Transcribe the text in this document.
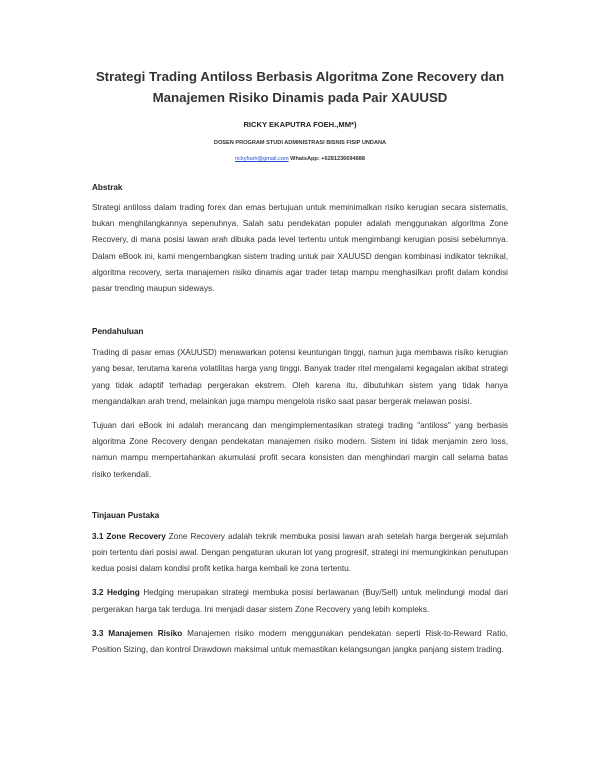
Strategi Trading Antiloss Berbasis Algoritma Zone Recovery dan
Manajemen Risiko Dinamis pada Pair XAUUSD
RICKY EKAPUTRA FOEH.,MM*)
DOSEN PROGRAM STUDI ADMINISTRASI BISNIS FISIP UNDANA
rickyfoeh@gmail.com WhatsApp: +6281236694888
Abstrak

Strategi antiloss dalam trading forex dan emas bertujuan untuk meminimalkan risiko kerugian secara sistematis, bukan menghilangkannya sepenuhnya. Salah satu pendekatan populer adalah menggunakan algoritma Zone Recovery, di mana posisi lawan arah dibuka pada level tertentu untuk mengimbangi kerugian posisi sebelumnya. Dalam eBook ini, kami mengembangkan sistem trading untuk pair XAUUSD dengan kombinasi indikator teknikal, algoritma recovery, serta manajemen risiko dinamis agar trader tetap mampu menghasilkan profit dalam kondisi pasar trending maupun sideways.

Pendahuluan

Trading di pasar emas (XAUUSD) menawarkan potensi keuntungan tinggi, namun juga membawa risiko kerugian yang besar, terutama karena volatilitas harga yang tinggi. Banyak trader ritel mengalami kegagalan akibat strategi yang tidak adaptif terhadap pergerakan ekstrem. Oleh karena itu, dibutuhkan sistem yang tidak hanya mengandalkan arah trend, melainkan juga mampu mengelola risiko saat pasar bergerak melawan posisi.

Tujuan dari eBook ini adalah merancang dan mengimplementasikan strategi trading "antiloss" yang berbasis algoritma Zone Recovery dengan pendekatan manajemen risiko modern. Sistem ini tidak menjamin zero loss, namun mampu mempertahankan akumulasi profit secara konsisten dan menghindari margin call selama batas risiko terkendali.

Tinjauan Pustaka

3.1 Zone Recovery Zone Recovery adalah teknik membuka posisi lawan arah setelah harga bergerak sejumlah poin tertentu dari posisi awal. Dengan pengaturan ukuran lot yang progresif, strategi ini memungkinkan penutupan kedua posisi dalam kondisi profit ketika harga kembali ke zona tertentu.

3.2 Hedging Hedging merupakan strategi membuka posisi berlawanan (Buy/Sell) untuk melindungi modal dari pergerakan harga tak terduga. Ini menjadi dasar sistem Zone Recovery yang lebih kompleks.

3.3 Manajemen Risiko Manajemen risiko modern menggunakan pendekatan seperti Risk-to-Reward Ratio, Position Sizing, dan kontrol Drawdown maksimal untuk memastikan kelangsungan jangka panjang sistem trading.
